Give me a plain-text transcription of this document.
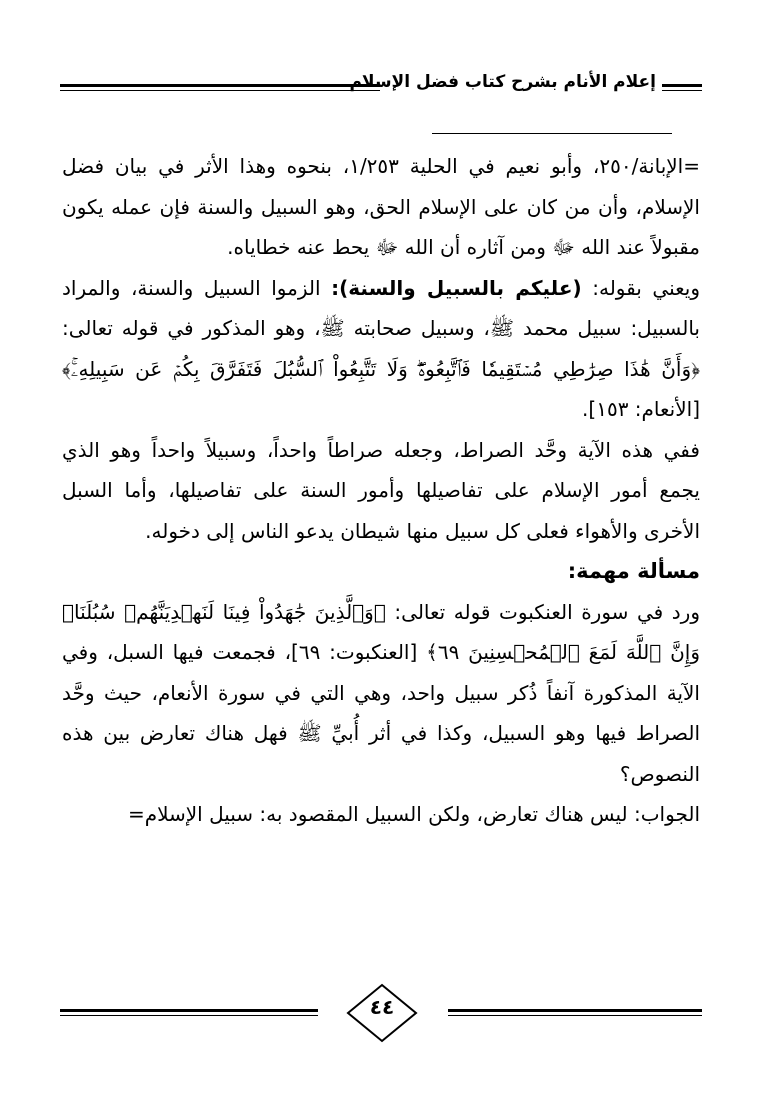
إعلام الأنام بشرح كتاب فضل الإسلام

=الإبانة/٢٥٠، وأبو نعيم في الحلية ١/٢٥٣، بنحوه وهذا الأثر في بيان فضل الإسلام، وأن من كان على الإسلام الحق، وهو السبيل والسنة فإن عمله يكون مقبولاً عند الله ﷻ ومن آثاره أن الله ﷻ يحط عنه خطاياه.

ويعني بقوله: (عليكم بالسبيل والسنة): الزموا السبيل والسنة، والمراد بالسبيل: سبيل محمد ﷺ، وسبيل صحابته ﷺ، وهو المذكور في قوله تعالى: ﴿وَأَنَّ هَٰذَا صِرَٰطِي مُسۡتَقِيمٗا فَٱتَّبِعُوهُۖ وَلَا تَتَّبِعُواْ ٱلسُّبُلَ فَتَفَرَّقَ بِكُمۡ عَن سَبِيلِهِۦۚ﴾ [الأنعام: ١٥٣].

ففي هذه الآية وحَّد الصراط، وجعله صراطاً واحداً، وسبيلاً واحداً وهو الذي يجمع أمور الإسلام على تفاصيلها وأمور السنة على تفاصيلها، وأما السبل الأخرى والأهواء فعلى كل سبيل منها شيطان يدعو الناس إلى دخوله.

مسألة مهمة:

ورد في سورة العنكبوت قوله تعالى: ﴿وَٱلَّذِينَ جَٰهَدُواْ فِينَا لَنَهۡدِيَنَّهُمۡ سُبُلَنَاۚ وَإِنَّ ٱللَّهَ لَمَعَ ٱلۡمُحۡسِنِينَ ٦٩﴾ [العنكبوت: ٦٩]، فجمعت فيها السبل، وفي الآية المذكورة آنفاً ذُكر سبيل واحد، وهي التي في سورة الأنعام، حيث وحَّد الصراط فيها وهو السبيل، وكذا في أثر أُبيِّ ﷺ فهل هناك تعارض بين هذه النصوص؟

الجواب: ليس هناك تعارض، ولكن السبيل المقصود به: سبيل الإسلام=

٤٤
